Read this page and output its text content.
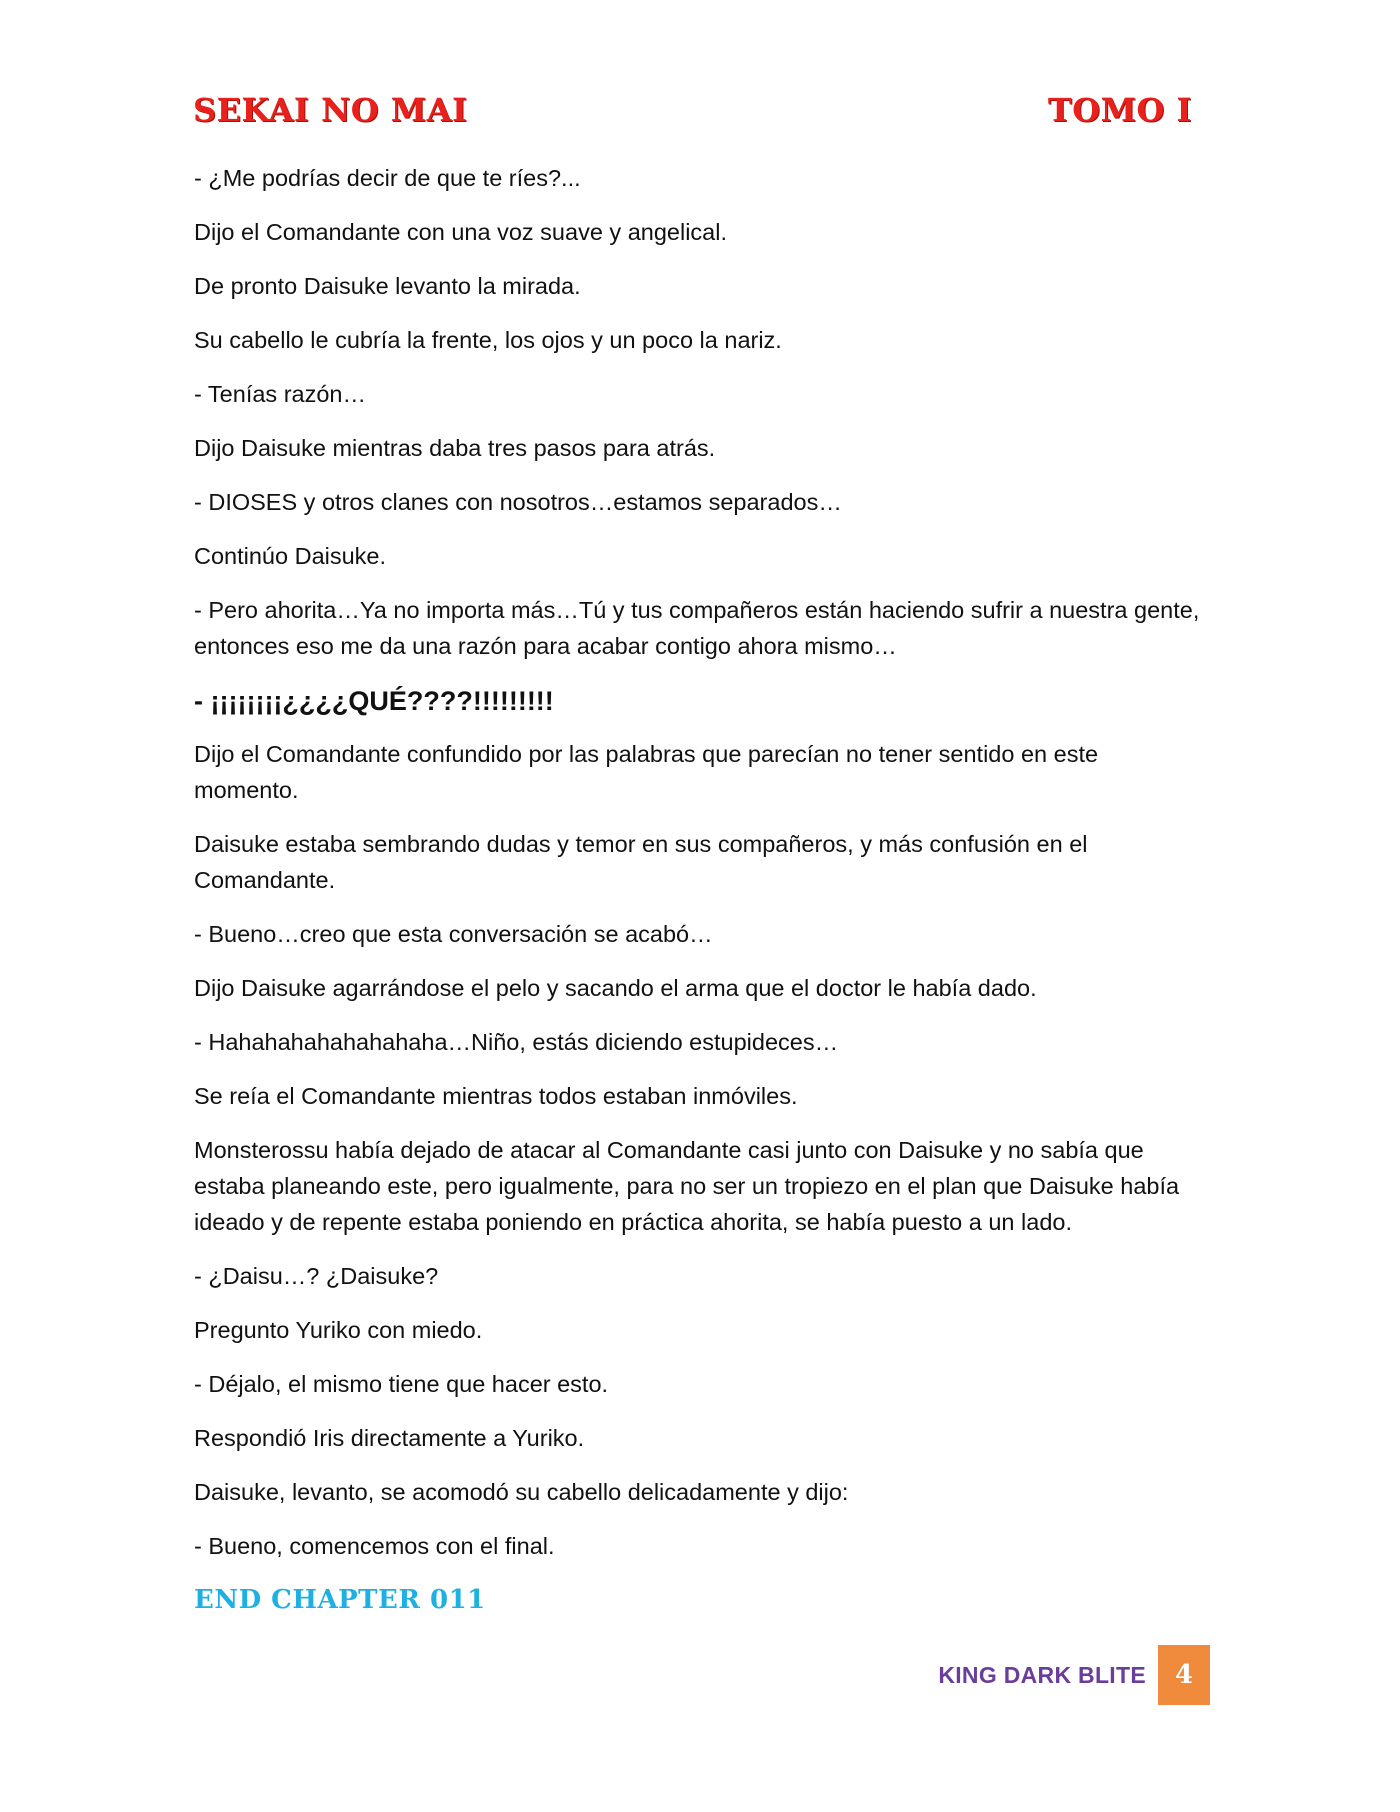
SEKAI NO MAI	TOMO I

- ¿Me podrías decir de que te ríes?...

Dijo el Comandante con una voz suave y angelical.

De pronto Daisuke levanto la mirada.

Su cabello le cubría la frente, los ojos y un poco la nariz.

- Tenías razón…

Dijo Daisuke mientras daba tres pasos para atrás.

- DIOSES y otros clanes con nosotros…estamos separados…

Continúo Daisuke.

- Pero ahorita…Ya no importa más…Tú y tus compañeros están haciendo sufrir a nuestra gente, entonces eso me da una razón para acabar contigo ahora mismo…

- ¡¡¡¡¡¡¡¡¿¿¿¿QUÉ????!!!!!!!!!

Dijo el Comandante confundido por las palabras que parecían no tener sentido en este momento.

Daisuke estaba sembrando dudas y temor en sus compañeros, y más confusión en el Comandante.

- Bueno…creo que esta conversación se acabó…

Dijo Daisuke agarrándose el pelo y sacando el arma que el doctor le había dado.

- Hahahahahahahahaha…Niño, estás diciendo estupideces…

Se reía el Comandante mientras todos estaban inmóviles.

Monsterossu había dejado de atacar al Comandante casi junto con Daisuke y no sabía que estaba planeando este, pero igualmente, para no ser un tropiezo en el plan que Daisuke había ideado y de repente estaba poniendo en práctica ahorita, se había puesto a un lado.

- ¿Daisu…? ¿Daisuke?

Pregunto Yuriko con miedo.

- Déjalo, el mismo tiene que hacer esto.

Respondió Iris directamente a Yuriko.

Daisuke, levanto, se acomodó su cabello delicadamente y dijo:

- Bueno, comencemos con el final.

END CHAPTER 011
KING DARK BLITE	4
